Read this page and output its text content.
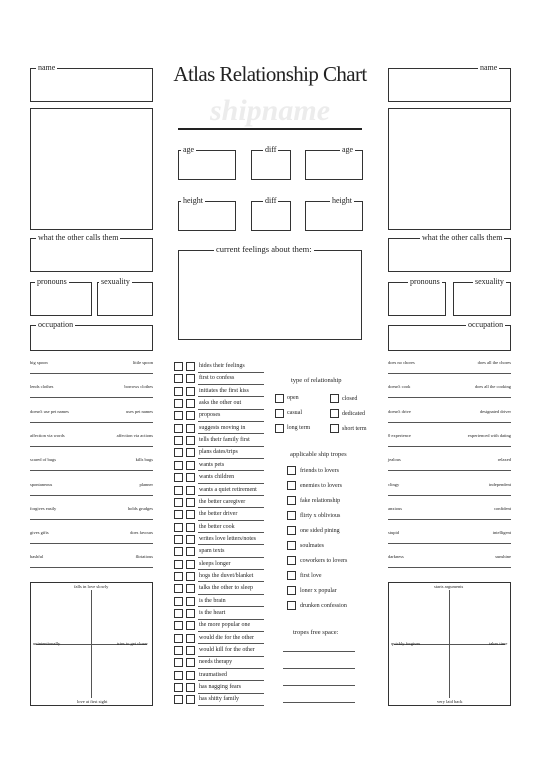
Atlas Relationship Chart
shipname
name
what the other calls them
pronouns	sexuality
occupation
name
what the other calls them
pronouns	sexuality
occupation
age	diff	age
height	diff	height
current feelings about them:
big spoon	little spoon
lends clothes	borrows clothes
doesn't use pet names	uses pet names
affection via words	affection via actions
scared of bugs	kills bugs
spontaneous	planner
forgives easily	holds grudges
gives gifts	does favours
bashful	flirtatious
does no chores	does all the chores
doesn't cook	does all the cooking
doesn't drive	designated driver
0 experience	experienced with dating
jealous	relaxed
clingy	independent
anxious	confident
stupid	intelligent
darkness	sunshine
falls in love slowly
unintentionally	tries to get closer
love at first sight
starts arguments
quickly forgives	takes time
very laid back
hides their feelings
first to confess
initiates the first kiss
asks the other out
proposes
suggests moving in
tells their family first
plans dates/trips
wants pets
wants children
wants a quiet retirement
the better caregiver
the better driver
the better cook
writes love letters/notes
spam texts
sleeps longer
hogs the duvet/blanket
talks the other to sleep
is the brain
is the heart
the more popular one
would die for the other
would kill for the other
needs therapy
traumatised
has nagging fears
has shitty family
type of relationship
open	closed
casual	dedicated
long term	short term
applicable ship tropes
friends to lovers
enemies to lovers
fake relationship
flirty x oblivious
one sided pining
soulmates
coworkers to lovers
first love
loner x popular
drunken confession
tropes free space:
